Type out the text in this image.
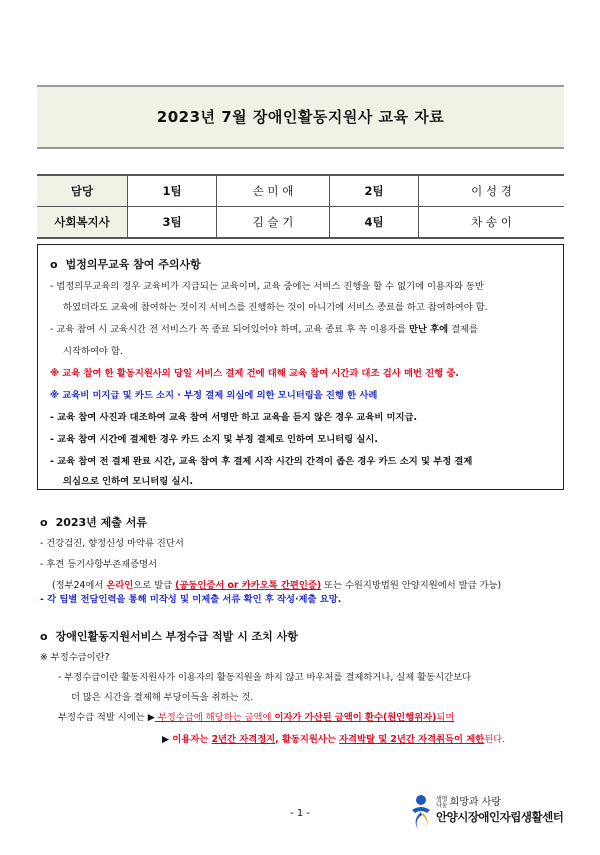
2023년 7월 장애인활동지원사 교육 자료
담당	1팀	손 미 애	2팀	이 성 경
사회복지사	3팀	김 슬 기	4팀	차 송 이
o 법정의무교육 참여 주의사항
- 법정의무교육의 경우 교육비가 지급되는 교육이며, 교육 중에는 서비스 진행을 할 수 없기에 이용자와 동반
하였더라도 교육에 참여하는 것이지 서비스를 진행하는 것이 아니기에 서비스 종료를 하고 참여하여야 함.
- 교육 참여 시 교육시간 전 서비스가 꼭 종료 되어있어야 하며, 교육 종료 후 꼭 이용자를 만난 후에 결제를
시작하여야 함.
※ 교육 참여 한 활동지원사의 당일 서비스 결제 건에 대해 교육 참여 시간과 대조 검사 매번 진행 중.
※ 교육비 미지급 및 카드 소지 · 부정 결제 의심에 의한 모니터링을 진행 한 사례
- 교육 참여 사진과 대조하여 교육 참여 서명만 하고 교육을 듣지 않은 경우 교육비 미지급.
- 교육 참여 시간에 결제한 경우 카드 소지 및 부정 결제로 인하여 모니터링 실시.
- 교육 참여 전 결제 완료 시간, 교육 참여 후 결제 시작 시간의 간격이 좁은 경우 카드 소지 및 부정 결제
의심으로 인하여 모니터링 실시.
o 2023년 제출 서류
- 건강검진, 향정신성 마약류 진단서
- 후견 등기사항부존재증명서
(정부24에서 온라인으로 발급 (공동인증서 or 카카오톡 간편인증) 또는 수원지방법원 안양지원에서 발급 가능)
- 각 팀별 전담인력을 통해 미작성 및 미제출 서류 확인 후 작성·제출 요망.
o 장애인활동지원서비스 부정수급 적발 시 조치 사항
※ 부정수급이란?
- 부정수급이란 활동지원사가 이용자의 활동지원을 하지 않고 바우처를 결제하거나, 실제 활동시간보다
더 많은 시간을 결제해 부당이득을 취하는 것.
부정수급 적발 시에는 ▶ 부정수급에 해당하는 금액에 이자가 가산된 금액이 환수(원인행위자)되며
▶ 이용자는 2년간 자격정지, 활동지원사는 자격박탈 및 2년간 자격취득이 제한된다.
- 1 -
생명
나눔 희망과 사랑
안양시장애인자립생활센터
